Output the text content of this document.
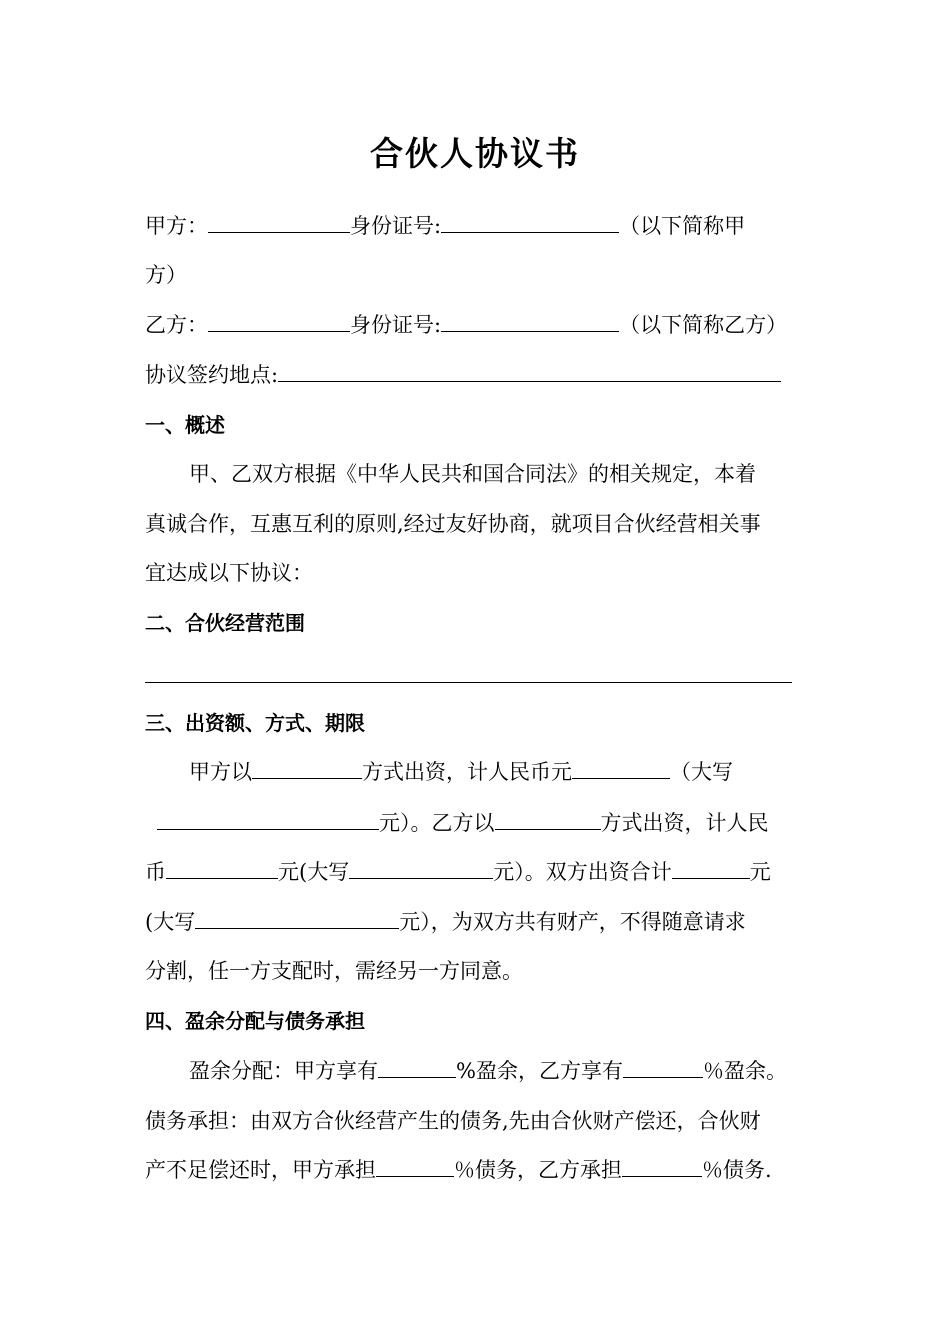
合伙人协议书
甲方：	身份证号:	（以下简称甲
方）
乙方：	身份证号:	（以下简称乙方）
协议签约地点:
一、概述
甲、乙双方根据《中华人民共和国合同法》的相关规定，本着
真诚合作，互惠互利的原则,经过友好协商，就项目合伙经营相关事
宜达成以下协议：
二、合伙经营范围
三、出资额、方式、期限
甲方以	方式出资，计人民币元	（大写
元）。乙方以	方式出资，计人民
币	元(大写	元）。双方出资合计	元
(大写	元），为双方共有财产，不得随意请求
分割，任一方支配时，需经另一方同意。
四、盈余分配与债务承担
盈余分配：甲方享有	%盈余，乙方享有	％盈余。
债务承担：由双方合伙经营产生的债务,先由合伙财产偿还，合伙财
产不足偿还时，甲方承担	％债务，乙方承担	％债务.
